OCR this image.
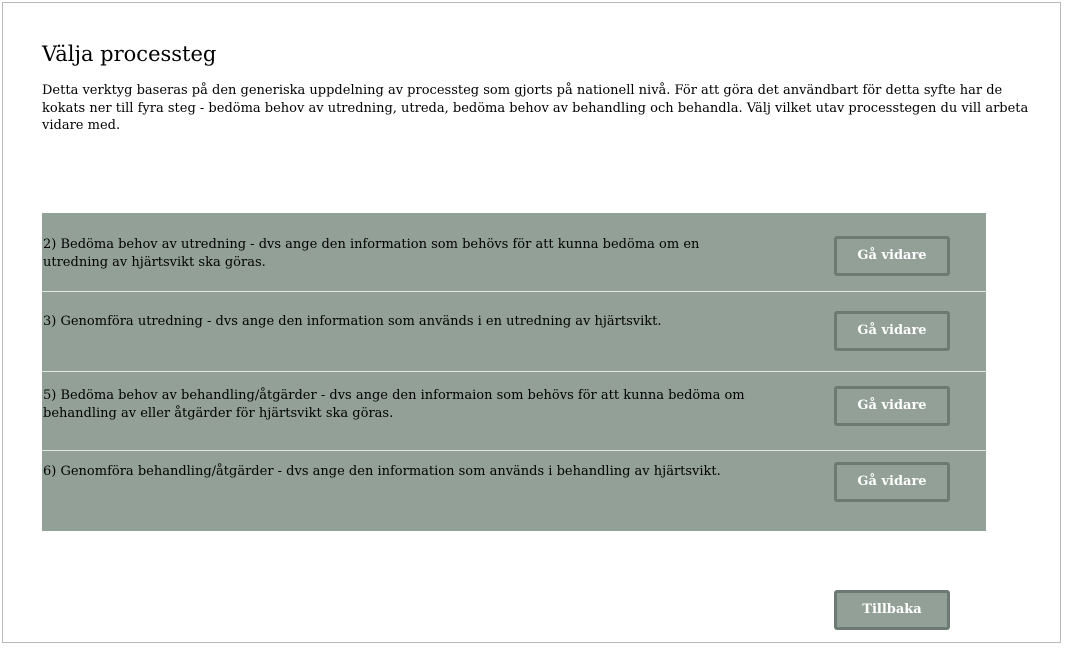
Välja processteg

Detta verktyg baseras på den generiska uppdelning av processteg som gjorts på nationell nivå. För att göra det användbart för detta syfte har de kokats ner till fyra steg - bedöma behov av utredning, utreda, bedöma behov av behandling och behandla. Välj vilket utav processtegen du vill arbeta vidare med.

2) Bedöma behov av utredning - dvs ange den information som behövs för att kunna bedöma om en utredning av hjärtsvikt ska göras.	Gå vidare

3) Genomföra utredning - dvs ange den information som används i en utredning av hjärtsvikt.

Gå vidare

5) Bedöma behov av behandling/åtgärder - dvs ange den informaion som behövs för att kunna bedöma om behandling av eller åtgärder för hjärtsvikt ska göras.	Gå vidare

6) Genomföra behandling/åtgärder - dvs ange den information som används i behandling av hjärtsvikt.

Gå vidare
Tillbaka
